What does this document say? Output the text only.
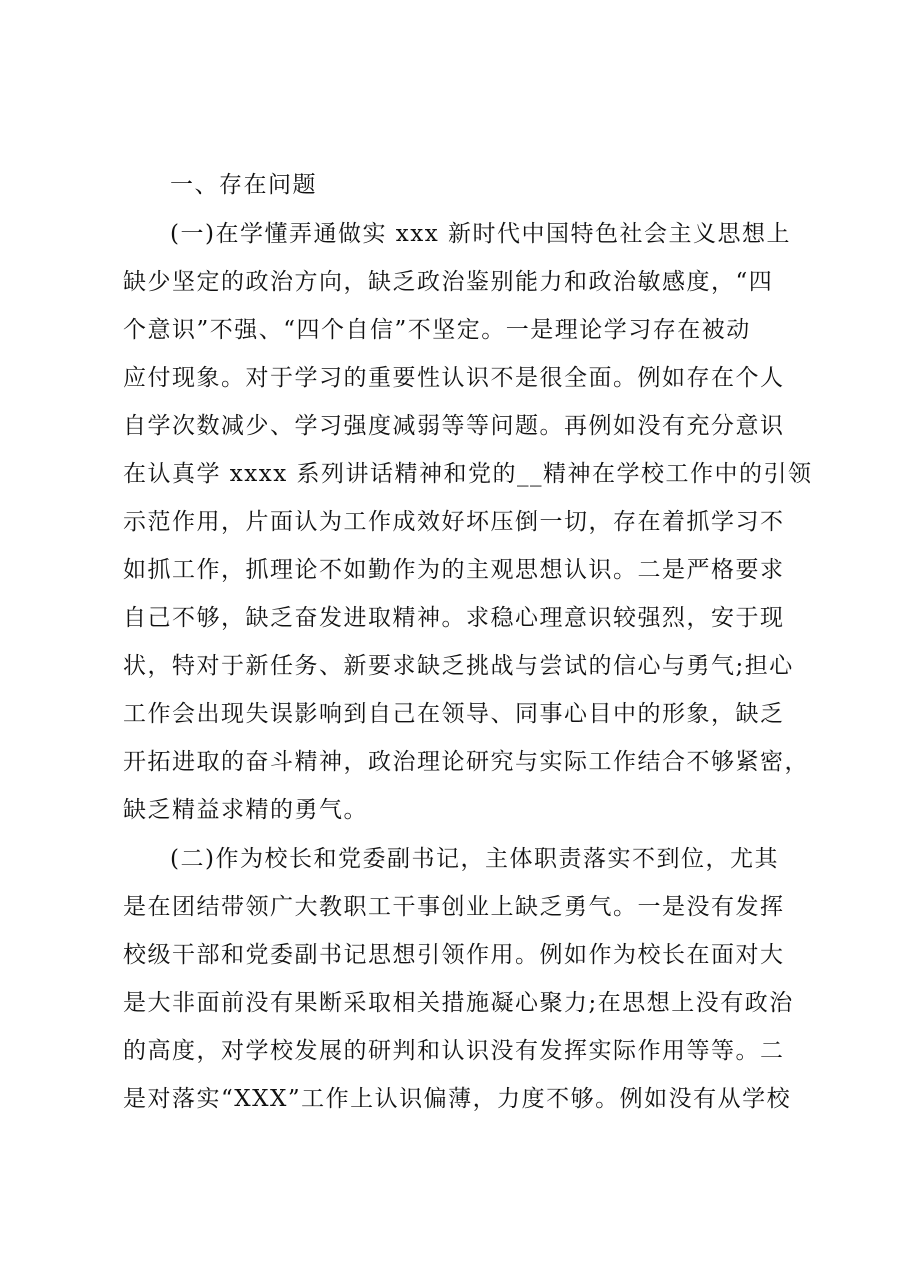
一、存在问题
(一)在学懂弄通做实 xxx 新时代中国特色社会主义思想上
缺少坚定的政治方向，缺乏政治鉴别能力和政治敏感度，“四
个意识”不强、“四个自信”不坚定。一是理论学习存在被动
应付现象。对于学习的重要性认识不是很全面。例如存在个人
自学次数减少、学习强度减弱等等问题。再例如没有充分意识
在认真学 xxxx 系列讲话精神和党的__精神在学校工作中的引领
示范作用，片面认为工作成效好坏压倒一切，存在着抓学习不
如抓工作，抓理论不如勤作为的主观思想认识。二是严格要求
自己不够，缺乏奋发进取精神。求稳心理意识较强烈，安于现
状，特对于新任务、新要求缺乏挑战与尝试的信心与勇气;担心
工作会出现失误影响到自己在领导、同事心目中的形象，缺乏
开拓进取的奋斗精神，政治理论研究与实际工作结合不够紧密，
缺乏精益求精的勇气。
(二)作为校长和党委副书记，主体职责落实不到位，尤其
是在团结带领广大教职工干事创业上缺乏勇气。一是没有发挥
校级干部和党委副书记思想引领作用。例如作为校长在面对大
是大非面前没有果断采取相关措施凝心聚力;在思想上没有政治
的高度，对学校发展的研判和认识没有发挥实际作用等等。二
是对落实“XXX”工作上认识偏薄，力度不够。例如没有从学校
